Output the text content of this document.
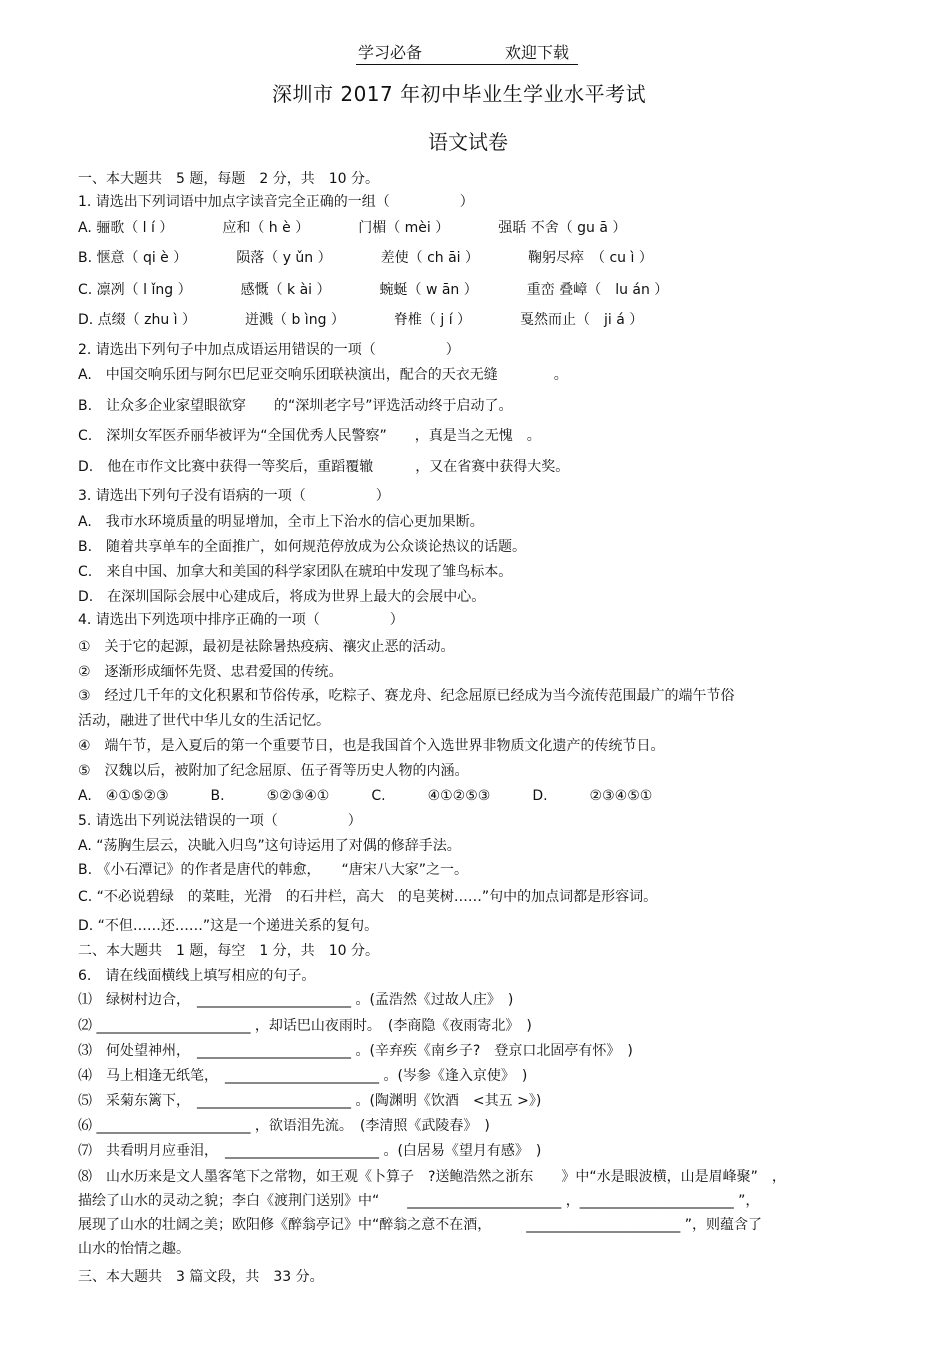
学习必备	欢迎下载
深圳市 2017 年初中毕业生学业水平考试
语文试卷
一、本大题共　5 题，每题　2 分，共　10 分。
1. 请选出下列词语中加点字读音完全正确的一组（　　　　　）
A. 骊歌（ l í ）　　　　应和（ h è ）　　　　门楣（ mèi ）　　　　强聒 不舍（ gu ā ）
B. 惬意（ qi è ）　　　　陨落（ y ǔn ）　　　　差使（ ch āi ）　　　　鞠躬尽瘁　（ cu ì ）
C. 凛冽（ l ǐng ）　　　　感慨（ k ài ）　　　　蜿蜒（ w ān ）　　　　重峦 叠嶂（　lu án ）
D. 点缀（ zhu ì ）　　　　迸溅（ b ìng ）　　　　脊椎（ j í ）　　　　戛然而止（　ji á ）
2. 请选出下列句子中加点成语运用错误的一项（　　　　　）
A.　中国交响乐团与阿尔巴尼亚交响乐团联袂演出，配合的天衣无缝　　　　。
B.　让众多企业家望眼欲穿　　的“深圳老字号”评选活动终于启动了。
C.　深圳女军医乔丽华被评为“全国优秀人民警察”　　，真是当之无愧　。
D.　他在市作文比赛中获得一等奖后，重蹈覆辙　　　，又在省赛中获得大奖。
3. 请选出下列句子没有语病的一项（　　　　　）
A.　我市水环境质量的明显增加，全市上下治水的信心更加果断。
B.　随着共享单车的全面推广，如何规范停放成为公众谈论热议的话题。
C.　来自中国、加拿大和美国的科学家团队在琥珀中发现了雏鸟标本。
D.　在深圳国际会展中心建成后，将成为世界上最大的会展中心。
4. 请选出下列选项中排序正确的一项（　　　　　）
①　关于它的起源，最初是祛除暑热疫病、禳灾止恶的活动。
②　逐渐形成缅怀先贤、忠君爱国的传统。
③　经过几千年的文化积累和节俗传承，吃粽子、赛龙舟、纪念屈原已经成为当今流传范围最广的端午节俗
活动，融进了世代中华儿女的生活记忆。
④　端午节，是入夏后的第一个重要节日，也是我国首个入选世界非物质文化遗产的传统节日。
⑤　汉魏以后，被附加了纪念屈原、伍子胥等历史人物的内涵。
A.　④①⑤②③　　　B.　　　⑤②③④①　　　C.　　　④①②⑤③　　　D.　　　②③④⑤①
5. 请选出下列说法错误的一项（　　　　　）
A. “荡胸生层云，决眦入归鸟”这句诗运用了对偶的修辞手法。
B. 《小石潭记》的作者是唐代的韩愈，　　“唐宋八大家”之一。
C. “不必说碧绿　的菜畦，光滑　的石井栏，高大　的皂荚树……”句中的加点词都是形容词。
D. “不但……还……”这是一个递进关系的复句。
二、本大题共　1 题，每空　1 分，共　10 分。
6.　请在线面横线上填写相应的句子。
⑴　绿树村边合，　______________________ 。(孟浩然《过故人庄》　)
⑵ ______________________ ，却话巴山夜雨时。　(李商隐《夜雨寄北》　)
⑶　何处望神州，　______________________ 。(辛弃疾《南乡子?　登京口北固亭有怀》　)
⑷　马上相逢无纸笔，　______________________ 。(岑参《逢入京使》　)
⑸　采菊东篱下，　______________________ 。(陶渊明《饮酒　<其五 >》)
⑹ ______________________ ，欲语泪先流。　(李清照《武陵春》　)
⑺　共看明月应垂泪，　______________________ 。(白居易《望月有感》　)
⑻　山水历来是文人墨客笔下之常物，如王观《卜算子　?送鲍浩然之浙东　　》中“水是眼波横，山是眉峰聚”　，
描绘了山水的灵动之貌；李白《渡荆门送别》中“　　______________________ ，______________________ ”，
展现了山水的壮阔之美；欧阳修《醉翁亭记》中“醉翁之意不在酒，　　　______________________ ”，则蕴含了
山水的怡情之趣。
三、本大题共　3 篇文段，共　33 分。
